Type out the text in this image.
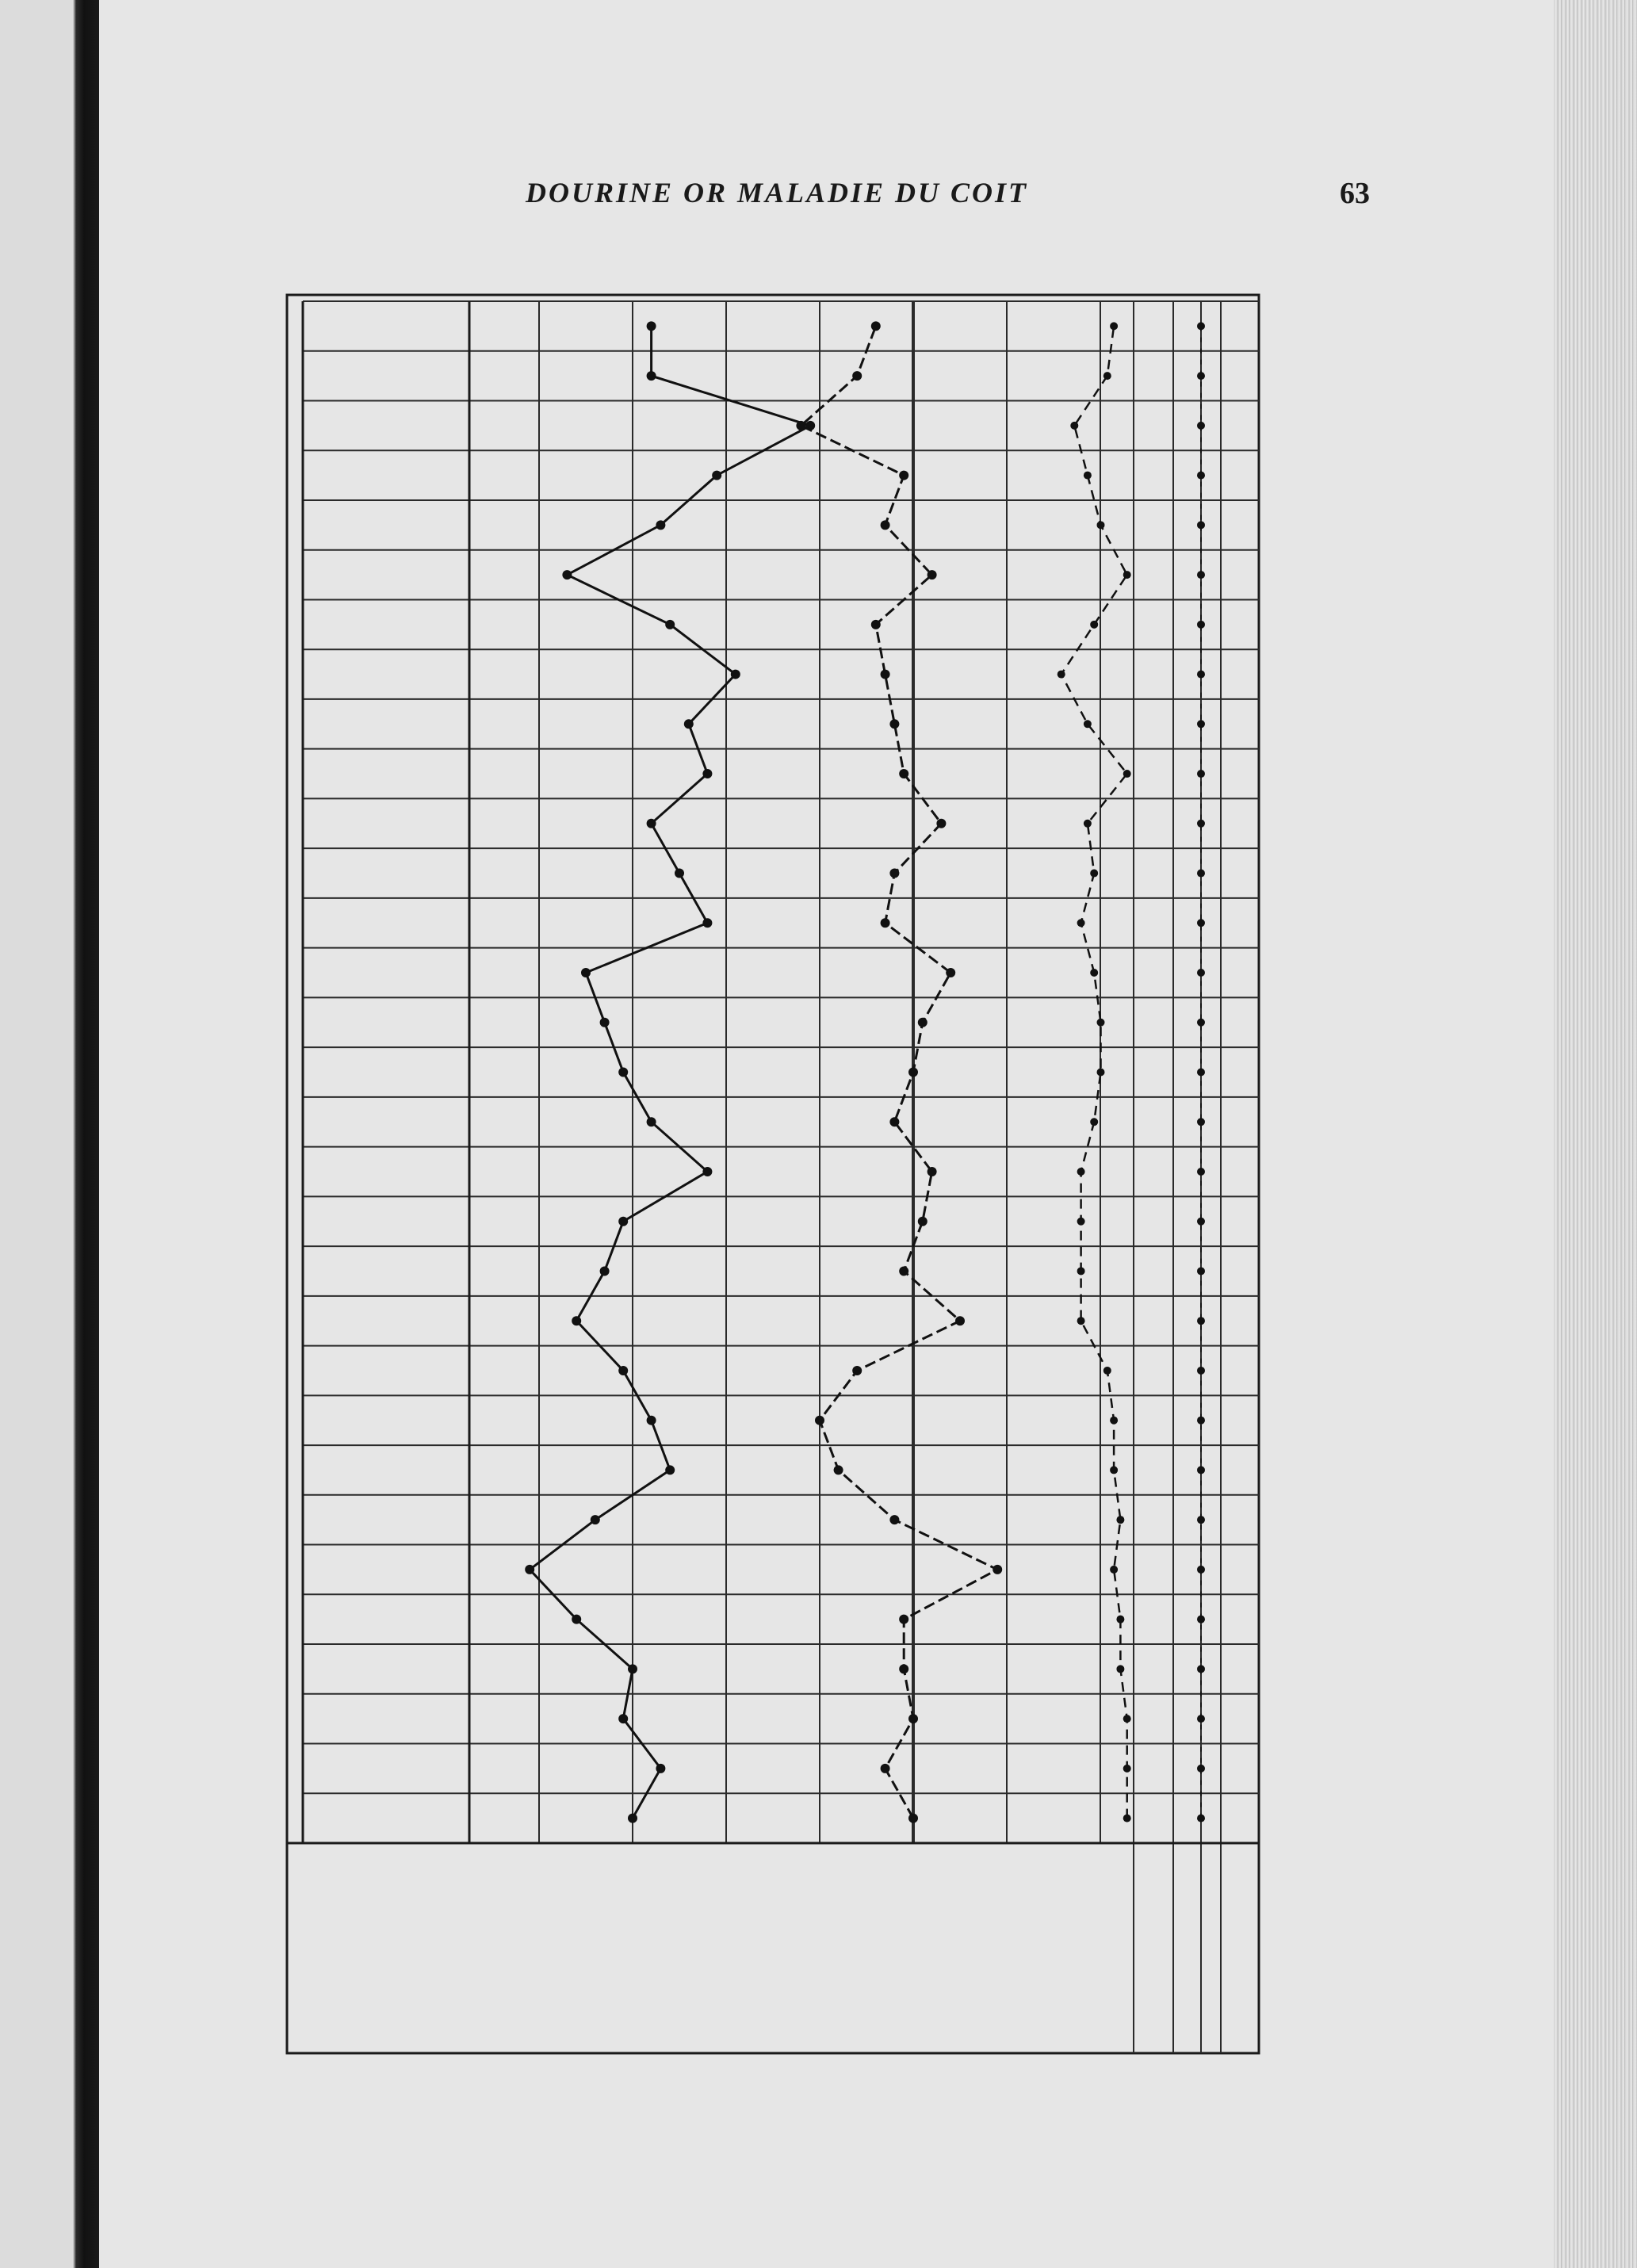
DOURINE OR MALADIE DU COIT	63
